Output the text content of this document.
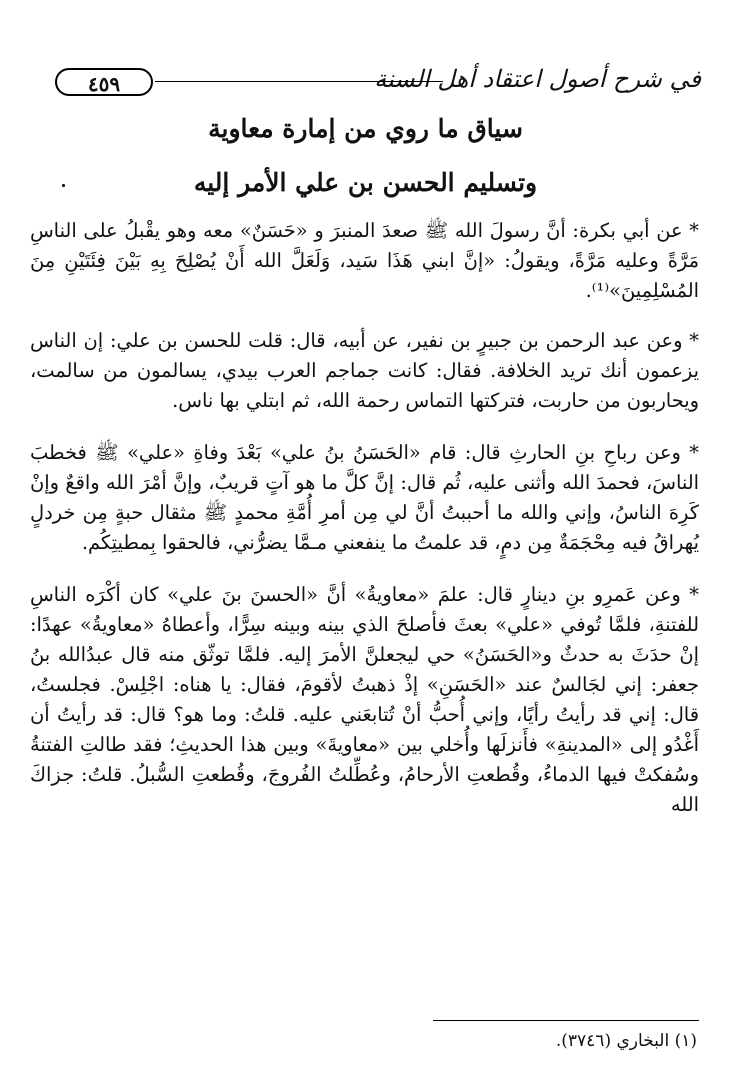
في شرح أصول اعتقاد أهل السنة
٤٥٩
سياق ما روي من إمارة معاوية
وتسليم الحسن بن علي الأمر إليه

* عن أبي بكرة: أنَّ رسولَ الله ﷺ صعدَ المنبرَ و «حَسَنٌ» معه وهو يقْبلُ على الناسِ مَرَّةً وعليه مَرَّةً، ويقولُ: «إنَّ ابني هَذَا سَيد، وَلَعَلَّ الله أَنْ يُصْلِحَ بِهِ بَيْنَ فِئَتَيْنِ مِنَ المُسْلِمِينَ»⁽¹⁾.

* وعن عبد الرحمن بن جبيرٍ بن نفير، عن أبيه، قال: قلت للحسن بن علي: إن الناس يزعمون أنك تريد الخلافة. فقال: كانت جماجم العرب بيدي، يسالمون من سالمت، ويحاربون من حاربت، فتركتها التماس رحمة الله، ثم ابتلي بها ناس.

* وعن رباحِ بنِ الحارثِ قال: قام «الحَسَنُ بنُ علي» بَعْدَ وفاةِ «علي» ﷺ فخطبَ الناسَ، فحمدَ الله وأثنى عليه، ثُم قال: إنَّ كلَّ ما هو آتٍ قريبٌ، وإنَّ أمْرَ الله واقعٌ وإنْ كَرِهَ الناسُ، وإني والله ما أحببتُ أنَّ لي مِن أمرِ أُمَّةِ محمدٍ ﷺ مثقال حبةٍ مِن خردلٍ يُهراقُ فيه مِحْجَمَةٌ مِن دمٍ، قد علمتُ ما ينفعني مـمَّا يضرُّني، فالحقوا بِمطيتِكُم.

* وعن عَمرِو بنِ دينارٍ قال: علمَ «معاويةُ» أنَّ «الحسنَ بنَ علي» كان أكْرَه الناسِ للفتنةِ، فلمَّا تُوفي «علي» بعثَ فأصلحَ الذي بينه وبينه سِرًّا، وأعطاهُ «معاويةُ» عهدًا: إنْ حدَثَ به حدثٌ و«الحَسَنُ» حي ليجعلنَّ الأمرَ إليه. فلمَّا توثّق منه قال عبدُالله بنُ جعفر: إني لجَالسٌ عند «الحَسَنِ» إذْ ذهبتُ لأقومَ، فقال: يا هناه: اجْلِسْ. فجلستُ، قال: إني قد رأيتُ رأيًا، وإني أُحبُّ أنْ تُتابعَني عليه. قلتُ: وما هو؟ قال: قد رأيتُ أن أَغْدُو إلى «المدينةِ» فأَنزلَها وأُخلي بين «معاويةَ» وبين هذا الحديثِ؛ فقد طالتِ الفتنةُ وسُفكتْ فيها الدماءُ، وقُطعتِ الأرحامُ، وعُطِّلتُ الفُروجَ، وقُطعتِ السُّبلُ. قلتُ: جزاكَ الله

(١) البخاري (٣٧٤٦).
